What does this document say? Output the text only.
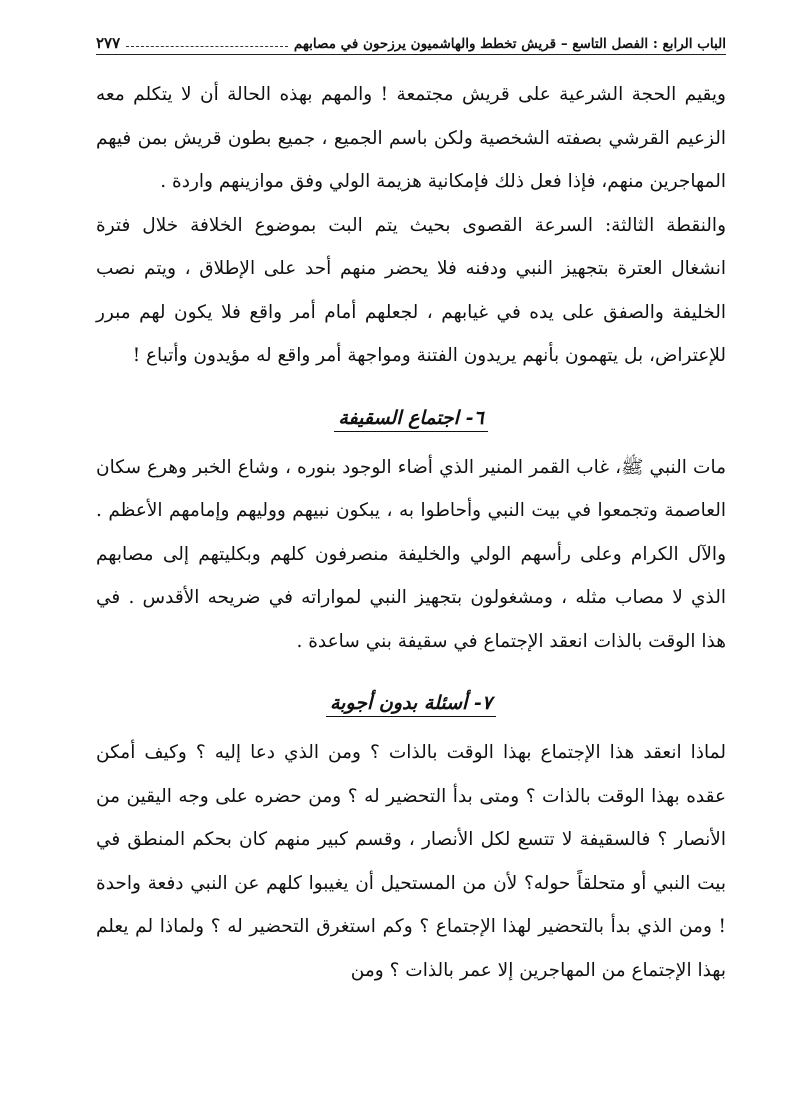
الباب الرابع : الفصل التاسع – قريش تخطط والهاشميون يرزحون في مصابهم
٢٧٧

ويقيم الحجة الشرعية على قريش مجتمعة ! والمهم بهذه الحالة أن لا يتكلم معه الزعيم القرشي بصفته الشخصية ولكن باسم الجميع ، جميع بطون قريش بمن فيهم المهاجرين منهم، فإذا فعل ذلك فإمكانية هزيمة الولي وفق موازينهم واردة .

والنقطة الثالثة: السرعة القصوى بحيث يتم البت بموضوع الخلافة خلال فترة انشغال العترة بتجهيز النبي ودفنه فلا يحضر منهم أحد على الإطلاق ، ويتم نصب الخليفة والصفق على يده في غيابهم ، لجعلهم أمام أمر واقع فلا يكون لهم مبرر للإعتراض، بل يتهمون بأنهم يريدون الفتنة ومواجهة أمر واقع له مؤيدون وأتباع !

٦- اجتماع السقيفة

مات النبي ﷺ، غاب القمر المنير الذي أضاء الوجود بنوره ، وشاع الخبر وهرع سكان العاصمة وتجمعوا في بيت النبي وأحاطوا به ، يبكون نبيهم ووليهم وإمامهم الأعظم . والآل الكرام وعلى رأسهم الولي والخليفة منصرفون كلهم وبكليتهم إلى مصابهم الذي لا مصاب مثله ، ومشغولون بتجهيز النبي لمواراته في ضريحه الأقدس . في هذا الوقت بالذات انعقد الإجتماع في سقيفة بني ساعدة .

٧- أسئلة بدون أجوبة

لماذا انعقد هذا الإجتماع بهذا الوقت بالذات ؟ ومن الذي دعا إليه ؟ وكيف أمكن عقده بهذا الوقت بالذات ؟ ومتى بدأ التحضير له ؟ ومن حضره على وجه اليقين من الأنصار ؟ فالسقيفة لا تتسع لكل الأنصار ، وقسم كبير منهم كان بحكم المنطق في بيت النبي أو متحلقاً حوله؟ لأن من المستحيل أن يغيبوا كلهم عن النبي دفعة واحدة ! ومن الذي بدأ بالتحضير لهذا الإجتماع ؟ وكم استغرق التحضير له ؟ ولماذا لم يعلم بهذا الإجتماع من المهاجرين إلا عمر بالذات ؟ ومن
